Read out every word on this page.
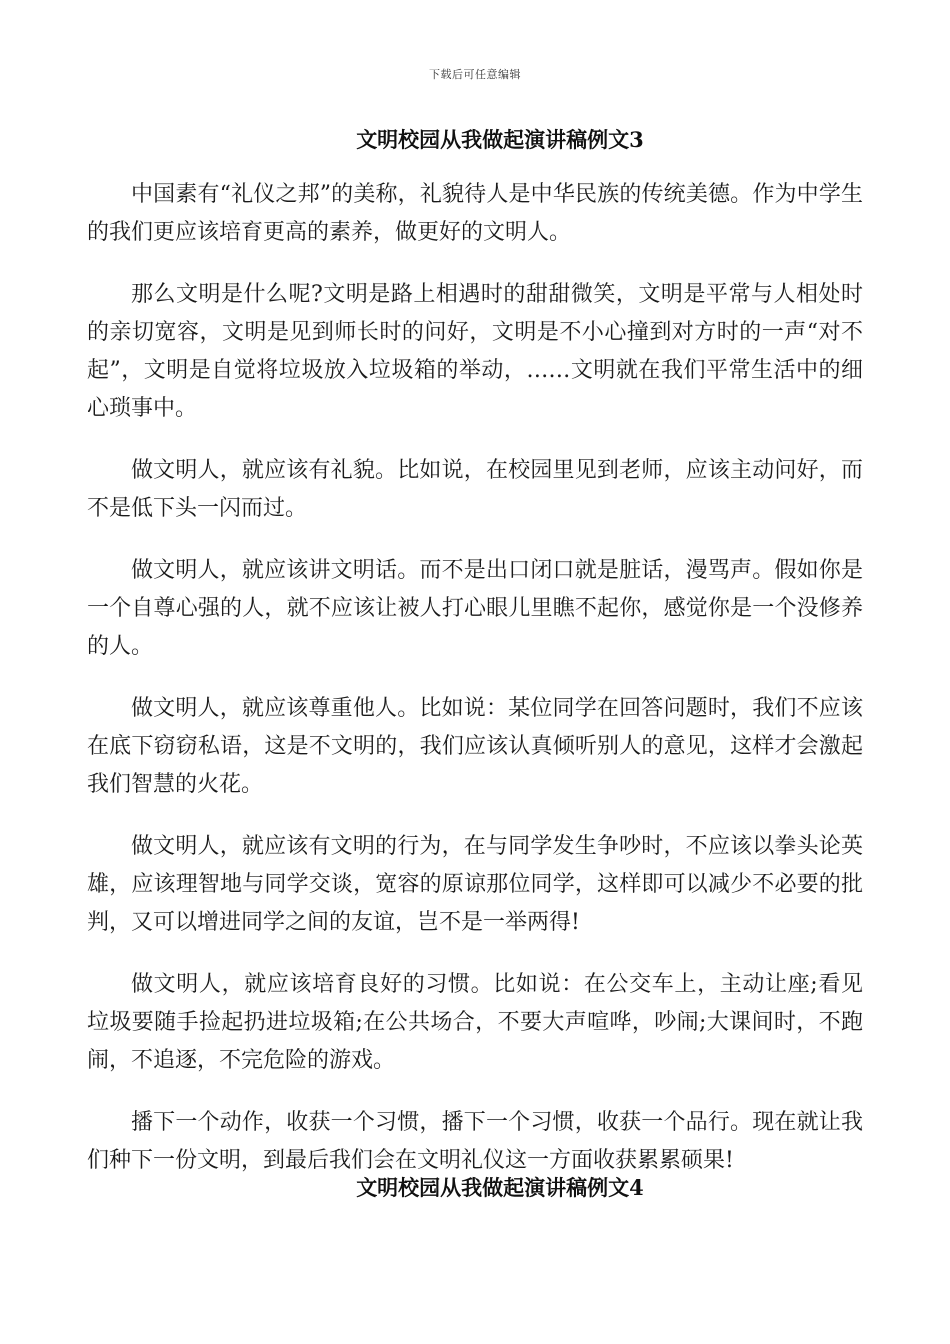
下载后可任意编辑
文明校园从我做起演讲稿例文3

中国素有“礼仪之邦”的美称，礼貌待人是中华民族的传统美德。作为中学生的我们更应该培育更高的素养，做更好的文明人。

那么文明是什么呢?文明是路上相遇时的甜甜微笑，文明是平常与人相处时的亲切宽容，文明是见到师长时的问好，文明是不小心撞到对方时的一声“对不起”，文明是自觉将垃圾放入垃圾箱的举动，……文明就在我们平常生活中的细心琐事中。

做文明人，就应该有礼貌。比如说，在校园里见到老师，应该主动问好，而不是低下头一闪而过。

做文明人，就应该讲文明话。而不是出口闭口就是脏话，漫骂声。假如你是一个自尊心强的人，就不应该让被人打心眼儿里瞧不起你，感觉你是一个没修养的人。

做文明人，就应该尊重他人。比如说：某位同学在回答问题时，我们不应该在底下窃窃私语，这是不文明的，我们应该认真倾听别人的意见，这样才会激起我们智慧的火花。

做文明人，就应该有文明的行为，在与同学发生争吵时，不应该以拳头论英雄，应该理智地与同学交谈，宽容的原谅那位同学，这样即可以减少不必要的批判，又可以增进同学之间的友谊，岂不是一举两得!

做文明人，就应该培育良好的习惯。比如说：在公交车上，主动让座;看见垃圾要随手捡起扔进垃圾箱;在公共场合，不要大声喧哗，吵闹;大课间时，不跑闹，不追逐，不完危险的游戏。

播下一个动作，收获一个习惯，播下一个习惯，收获一个品行。现在就让我们种下一份文明，到最后我们会在文明礼仪这一方面收获累累硕果!

文明校园从我做起演讲稿例文4
